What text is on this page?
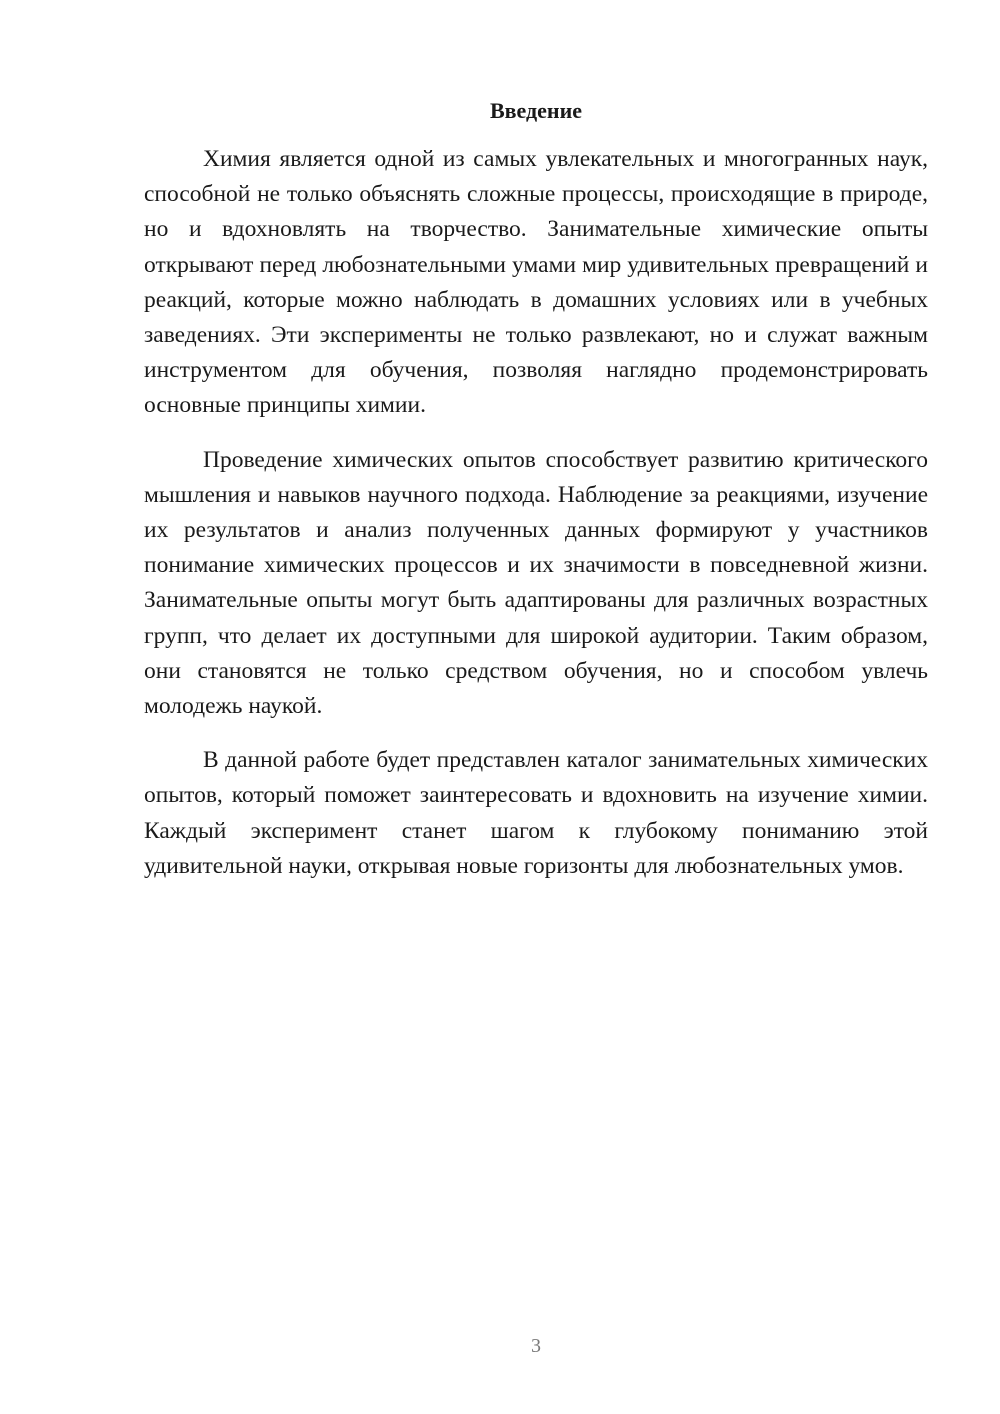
Введение

Химия является одной из самых увлекательных и многогранных наук, способной не только объяснять сложные процессы, происходящие в природе, но и вдохновлять на творчество. Занимательные химические опыты открывают перед любознательными умами мир удивительных превращений и реакций, которые можно наблюдать в домашних условиях или в учебных заведениях. Эти эксперименты не только развлекают, но и служат важным инструментом для обучения, позволяя наглядно продемонстрировать основные принципы химии.

Проведение химических опытов способствует развитию критического мышления и навыков научного подхода. Наблюдение за реакциями, изучение их результатов и анализ полученных данных формируют у участников понимание химических процессов и их значимости в повседневной жизни. Занимательные опыты могут быть адаптированы для различных возрастных групп, что делает их доступными для широкой аудитории. Таким образом, они становятся не только средством обучения, но и способом увлечь молодежь наукой.

В данной работе будет представлен каталог занимательных химических опытов, который поможет заинтересовать и вдохновить на изучение химии. Каждый эксперимент станет шагом к глубокому пониманию этой удивительной науки, открывая новые горизонты для любознательных умов.

3
